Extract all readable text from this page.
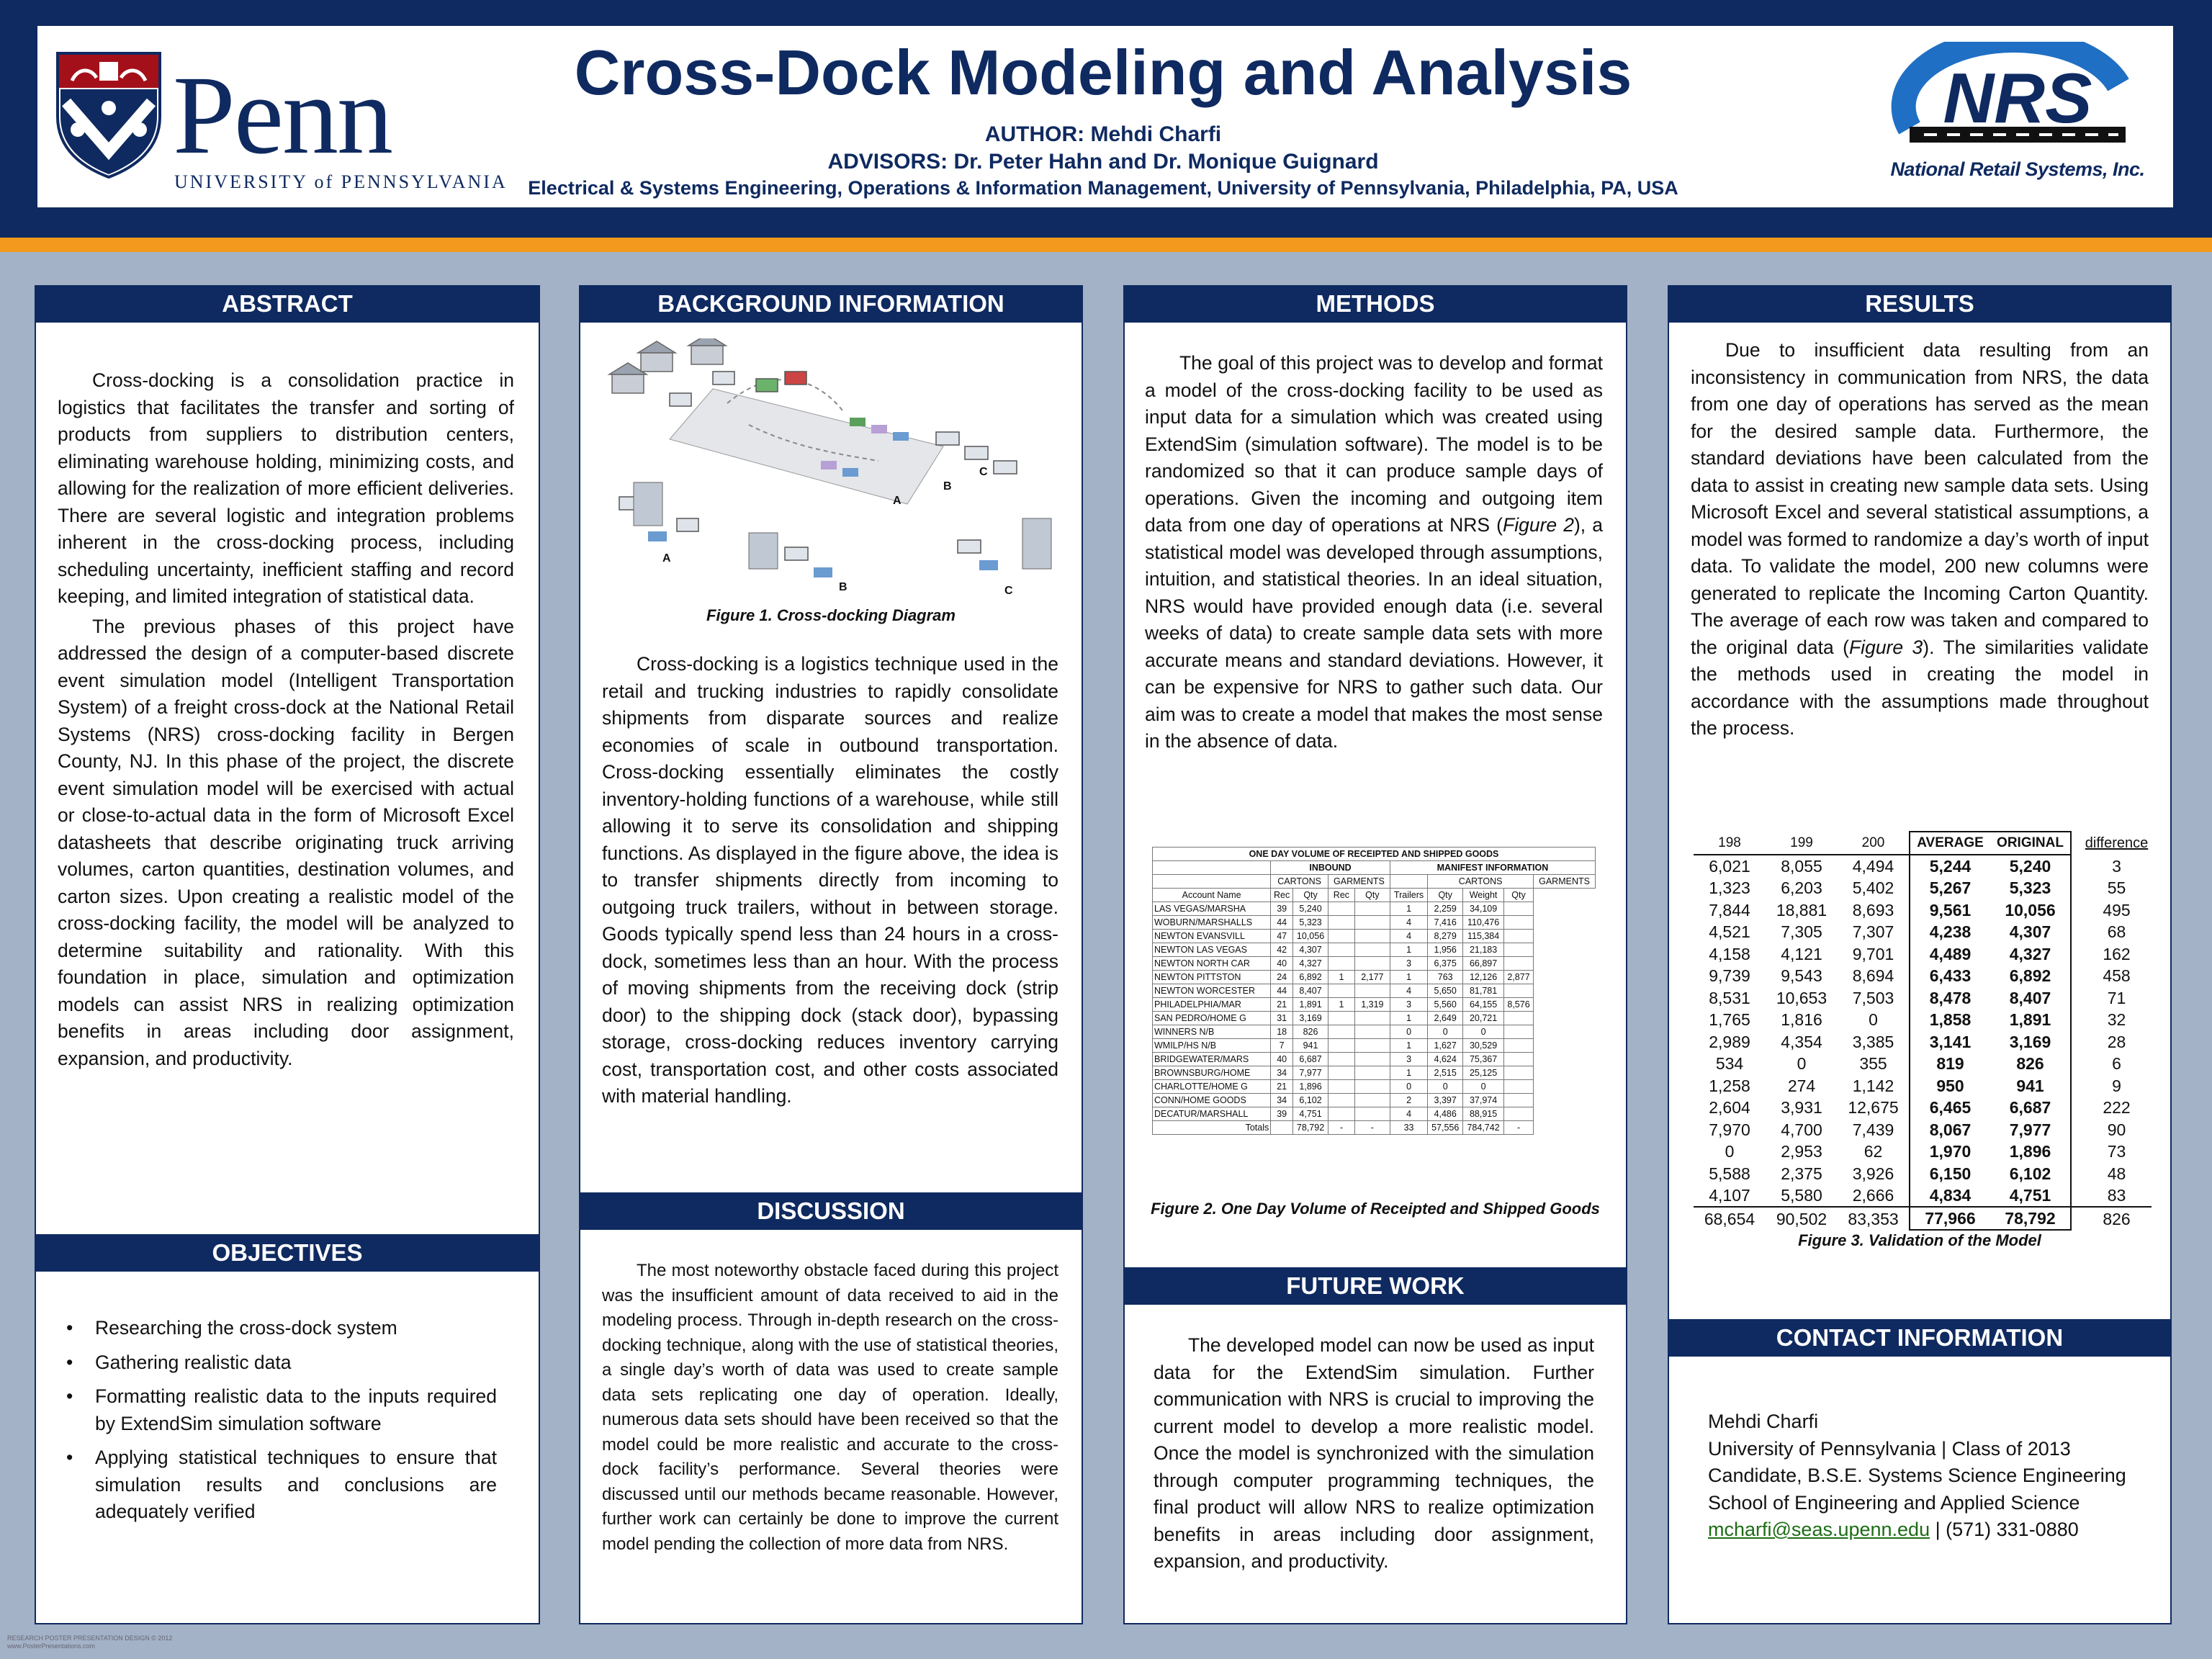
Penn
UNIVERSITY of PENNSYLVANIA
Cross-Dock Modeling and Analysis
AUTHOR: Mehdi Charfi
ADVISORS: Dr. Peter Hahn and Dr. Monique Guignard
Electrical & Systems Engineering, Operations & Information Management, University of Pennsylvania, Philadelphia, PA, USA
NRS
National Retail Systems, Inc.
ABSTRACT

Cross-docking is a consolidation practice in logistics that facilitates the transfer and sorting of products from suppliers to distribution centers, eliminating warehouse holding, minimizing costs, and allowing for the realization of more efficient deliveries. There are several logistic and integration problems inherent in the cross-docking process, including scheduling uncertainty, inefficient staffing and record keeping, and limited integration of statistical data.

The previous phases of this project have addressed the design of a computer-based discrete event simulation model (Intelligent Transportation System) of a freight cross-dock at the National Retail Systems (NRS) cross-docking facility in Bergen County, NJ. In this phase of the project, the discrete event simulation model will be exercised with actual or close-to-actual data in the form of Microsoft Excel datasheets that describe originating truck arriving volumes, carton quantities, destination volumes, and carton sizes. Upon creating a realistic model of the cross-docking facility, the model will be analyzed to determine suitability and rationality. With this foundation in place, simulation and optimization models can assist NRS in realizing optimization benefits in areas including door assignment, expansion, and productivity.

OBJECTIVES
• Researching the cross-dock system
• Gathering realistic data
• Formatting realistic data to the inputs required by ExtendSim simulation software
• Applying statistical techniques to ensure that simulation results and conclusions are adequately verified
BACKGROUND INFORMATION
A
B
C
A
B	C
Figure 1. Cross-docking Diagram

Cross-docking is a logistics technique used in the retail and trucking industries to rapidly consolidate shipments from disparate sources and realize economies of scale in outbound transportation. Cross-docking essentially eliminates the costly inventory-holding functions of a warehouse, while still allowing it to serve its consolidation and shipping functions. As displayed in the figure above, the idea is to transfer shipments directly from incoming to outgoing truck trailers, without in between storage. Goods typically spend less than 24 hours in a cross-dock, sometimes less than an hour. With the process of moving shipments from the receiving dock (strip door) to the shipping dock (stack door), bypassing storage, cross-docking reduces inventory carrying cost, transportation cost, and other costs associated with material handling.

DISCUSSION

The most noteworthy obstacle faced during this project was the insufficient amount of data received to aid in the modeling process. Through in-depth research on the cross-docking technique, along with the use of statistical theories, a single day’s worth of data was used to create sample data sets replicating one day of operation. Ideally, numerous data sets should have been received so that the model could be more realistic and accurate to the cross-dock facility’s performance. Several theories were discussed until our methods became reasonable. However, further work can certainly be done to improve the current model pending the collection of more data from NRS.

METHODS

The goal of this project was to develop and format a model of the cross-docking facility to be used as input data for a simulation which was created using ExtendSim (simulation software). The model is to be randomized so that it can produce sample days of operations. Given the incoming and outgoing item data from one day of operations at NRS (Figure 2), a statistical model was developed through assumptions, intuition, and statistical theories. In an ideal situation, NRS would have provided enough data (i.e. several weeks of data) to create sample data sets with more accurate means and standard deviations. However, it can be expensive for NRS to gather such data. Our aim was to create a model that makes the most sense in the absence of data.

ONE DAY VOLUME OF RECEIPTED AND SHIPPED GOODS									
	INBOUND				MANIFEST INFORMATION				
	CARTONS		GARMENTS			CARTONS			GARMENTS
Account Name	Rec	Qty	Rec	Qty	Trailers	Qty	Weight	Qty	
LAS VEGAS/MARSHA	39	5,240			1	2,259	34,109		
WOBURN/MARSHALLS	44	5,323			4	7,416	110,476		
NEWTON EVANSVILL	47	10,056			4	8,279	115,384		
NEWTON LAS VEGAS	42	4,307			1	1,956	21,183		
NEWTON NORTH CAR	40	4,327			3	6,375	66,897		
NEWTON PITTSTON	24	6,892	1	2,177	1	763	12,126	2,877	
NEWTON WORCESTER	44	8,407			4	5,650	81,781		
PHILADELPHIA/MAR	21	1,891	1	1,319	3	5,560	64,155	8,576	
SAN PEDRO/HOME G	31	3,169			1	2,649	20,721		
WINNERS N/B	18	826			0	0	0		
WMILP/HS N/B	7	941			1	1,627	30,529		
BRIDGEWATER/MARS	40	6,687			3	4,624	75,367		
BROWNSBURG/HOME	34	7,977			1	2,515	25,125		
CHARLOTTE/HOME G	21	1,896			0	0	0		
CONN/HOME GOODS	34	6,102			2	3,397	37,974		
DECATUR/MARSHALL	39	4,751			4	4,486	88,915		
Totals		78,792	-	-	33	57,556	784,742	-	
Figure 2. One Day Volume of Receipted and Shipped Goods
FUTURE WORK

The developed model can now be used as input data for the ExtendSim simulation. Further communication with NRS is crucial to improving the current model to develop a more realistic model. Once the model is synchronized with the simulation through computer programming techniques, the final product will allow NRS to realize optimization benefits in areas including door assignment, expansion, and productivity.

RESULTS

Due to insufficient data resulting from an inconsistency in communication from NRS, the data from one day of operations has served as the mean for the desired sample data. Furthermore, the standard deviations have been calculated from the data to assist in creating new sample data sets. Using Microsoft Excel and several statistical assumptions, a model was formed to randomize a day’s worth of input data. To validate the model, 200 new columns were generated to replicate the Incoming Carton Quantity. The average of each row was taken and compared to the original data (Figure 3). The similarities validate the methods used in creating the model in accordance with the assumptions made throughout the process.

198	199	200	AVERAGE	ORIGINAL	difference
6,021	8,055	4,494	5,244	5,240	3
1,323	6,203	5,402	5,267	5,323	55
7,844	18,881	8,693	9,561	10,056	495
4,521	7,305	7,307	4,238	4,307	68
4,158	4,121	9,701	4,489	4,327	162
9,739	9,543	8,694	6,433	6,892	458
8,531	10,653	7,503	8,478	8,407	71
1,765	1,816	0	1,858	1,891	32
2,989	4,354	3,385	3,141	3,169	28
534	0	355	819	826	6
1,258	274	1,142	950	941	9
2,604	3,931	12,675	6,465	6,687	222
7,970	4,700	7,439	8,067	7,977	90
0	2,953	62	1,970	1,896	73
5,588	2,375	3,926	6,150	6,102	48
4,107	5,580	2,666	4,834	4,751	83
68,654	90,502	83,353	77,966	78,792	826
Figure 3. Validation of the Model
CONTACT INFORMATION
Mehdi Charfi
University of Pennsylvania | Class of 2013
Candidate, B.S.E. Systems Science Engineering
School of Engineering and Applied Science
mcharfi@seas.upenn.edu | (571) 331-0880
RESEARCH POSTER PRESENTATION DESIGN © 2012
www.PosterPresentations.com
